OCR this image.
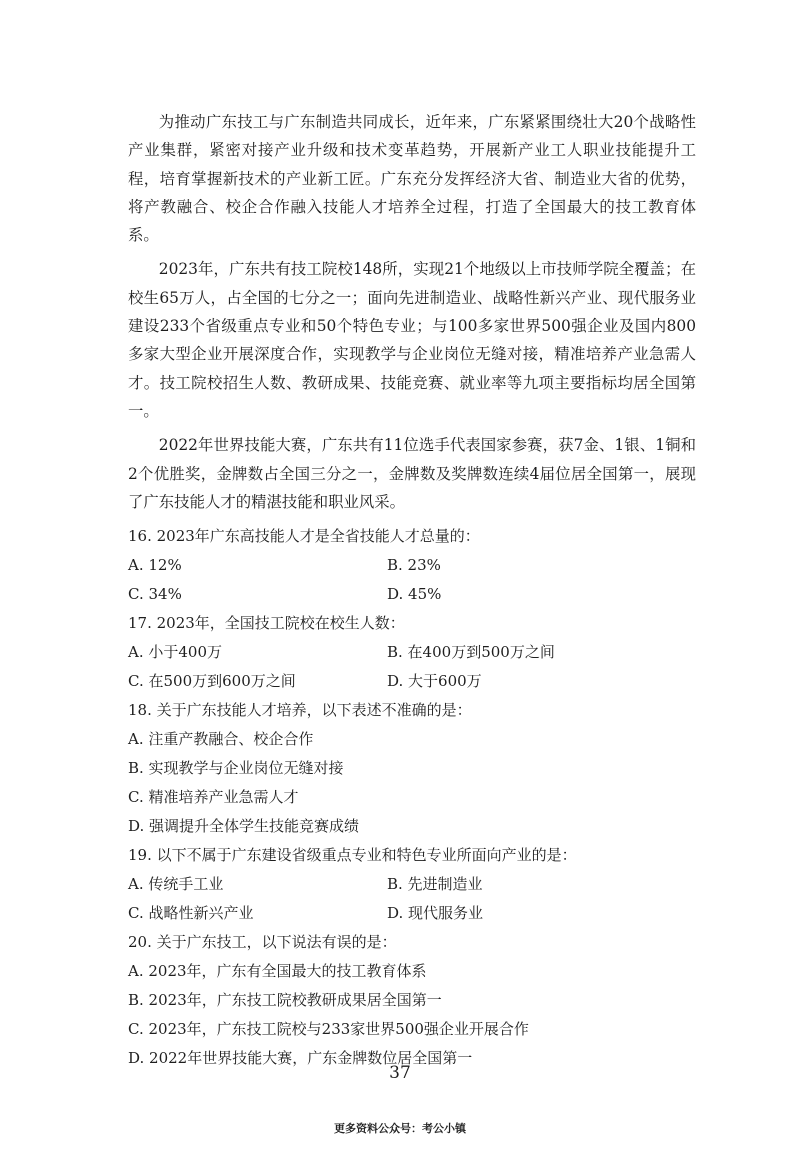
为推动广东技工与广东制造共同成长，近年来，广东紧紧围绕壮大20个战略性产业集群，紧密对接产业升级和技术变革趋势，开展新产业工人职业技能提升工程，培育掌握新技术的产业新工匠。广东充分发挥经济大省、制造业大省的优势，将产教融合、校企合作融入技能人才培养全过程，打造了全国最大的技工教育体系。

2023年，广东共有技工院校148所，实现21个地级以上市技师学院全覆盖；在校生65万人，占全国的七分之一；面向先进制造业、战略性新兴产业、现代服务业建设233个省级重点专业和50个特色专业；与100多家世界500强企业及国内800多家大型企业开展深度合作，实现教学与企业岗位无缝对接，精准培养产业急需人才。技工院校招生人数、教研成果、技能竞赛、就业率等九项主要指标均居全国第一。

2022年世界技能大赛，广东共有11位选手代表国家参赛，获7金、1银、1铜和2个优胜奖，金牌数占全国三分之一，金牌数及奖牌数连续4届位居全国第一，展现了广东技能人才的精湛技能和职业风采。

16. 2023年广东高技能人才是全省技能人才总量的：
A. 12%	B. 23%
C. 34%	D. 45%
17. 2023年，全国技工院校在校生人数：
A. 小于400万	B. 在400万到500万之间
C. 在500万到600万之间	D. 大于600万
18. 关于广东技能人才培养，以下表述不准确的是：
A. 注重产教融合、校企合作
B. 实现教学与企业岗位无缝对接
C. 精准培养产业急需人才
D. 强调提升全体学生技能竞赛成绩
19. 以下不属于广东建设省级重点专业和特色专业所面向产业的是：
A. 传统手工业	B. 先进制造业
C. 战略性新兴产业	D. 现代服务业
20. 关于广东技工，以下说法有误的是：
A. 2023年，广东有全国最大的技工教育体系
B. 2023年，广东技工院校教研成果居全国第一
C. 2023年，广东技工院校与233家世界500强企业开展合作
D. 2022年世界技能大赛，广东金牌数位居全国第一
37
更多资料公众号：考公小镇
